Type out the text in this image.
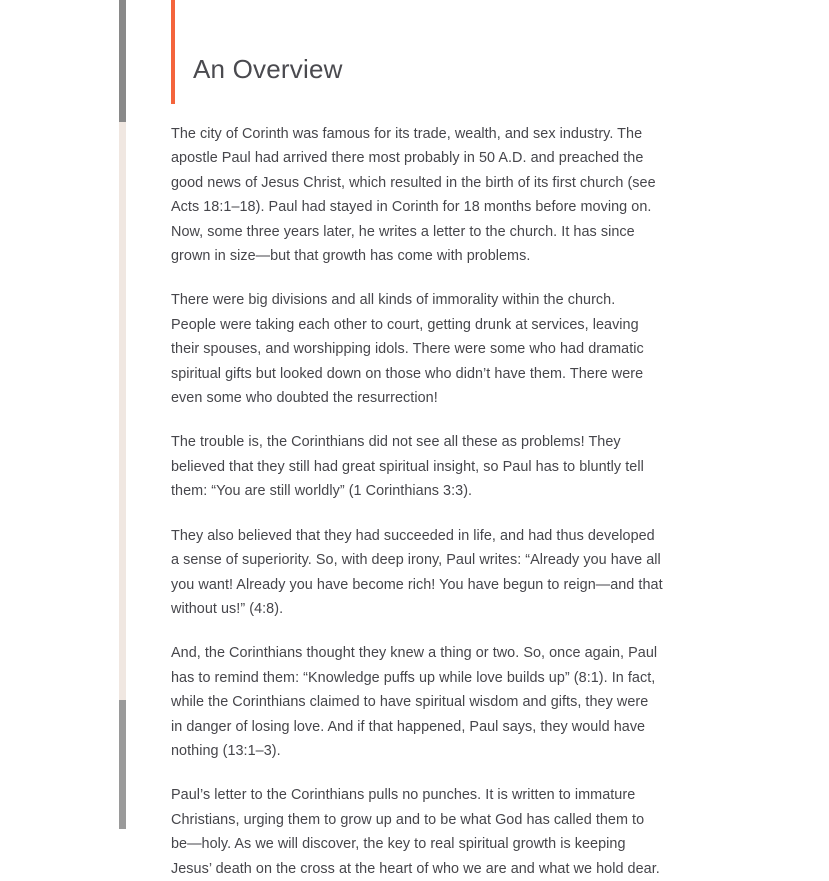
An Overview

The city of Corinth was famous for its trade, wealth, and sex industry. The apostle Paul had arrived there most probably in 50 A.D. and preached the good news of Jesus Christ, which resulted in the birth of its first church (see Acts 18:1–18). Paul had stayed in Corinth for 18 months before moving on. Now, some three years later, he writes a letter to the church. It has since grown in size—but that growth has come with problems.

There were big divisions and all kinds of immorality within the church. People were taking each other to court, getting drunk at services, leaving their spouses, and worshipping idols. There were some who had dramatic spiritual gifts but looked down on those who didn’t have them. There were even some who doubted the resurrection!

The trouble is, the Corinthians did not see all these as problems! They believed that they still had great spiritual insight, so Paul has to bluntly tell them: “You are still worldly” (1 Corinthians 3:3).

They also believed that they had succeeded in life, and had thus developed a sense of superiority. So, with deep irony, Paul writes: “Already you have all you want! Already you have become rich! You have begun to reign—and that without us!” (4:8).

And, the Corinthians thought they knew a thing or two. So, once again, Paul has to remind them: “Knowledge puffs up while love builds up” (8:1). In fact, while the Corinthians claimed to have spiritual wisdom and gifts, they were in danger of losing love. And if that happened, Paul says, they would have nothing (13:1–3).

Paul’s letter to the Corinthians pulls no punches. It is written to immature Christians, urging them to grow up and to be what God has called them to be—holy. As we will discover, the key to real spiritual growth is keeping Jesus’ death on the cross at the heart of who we are and what we hold dear.
